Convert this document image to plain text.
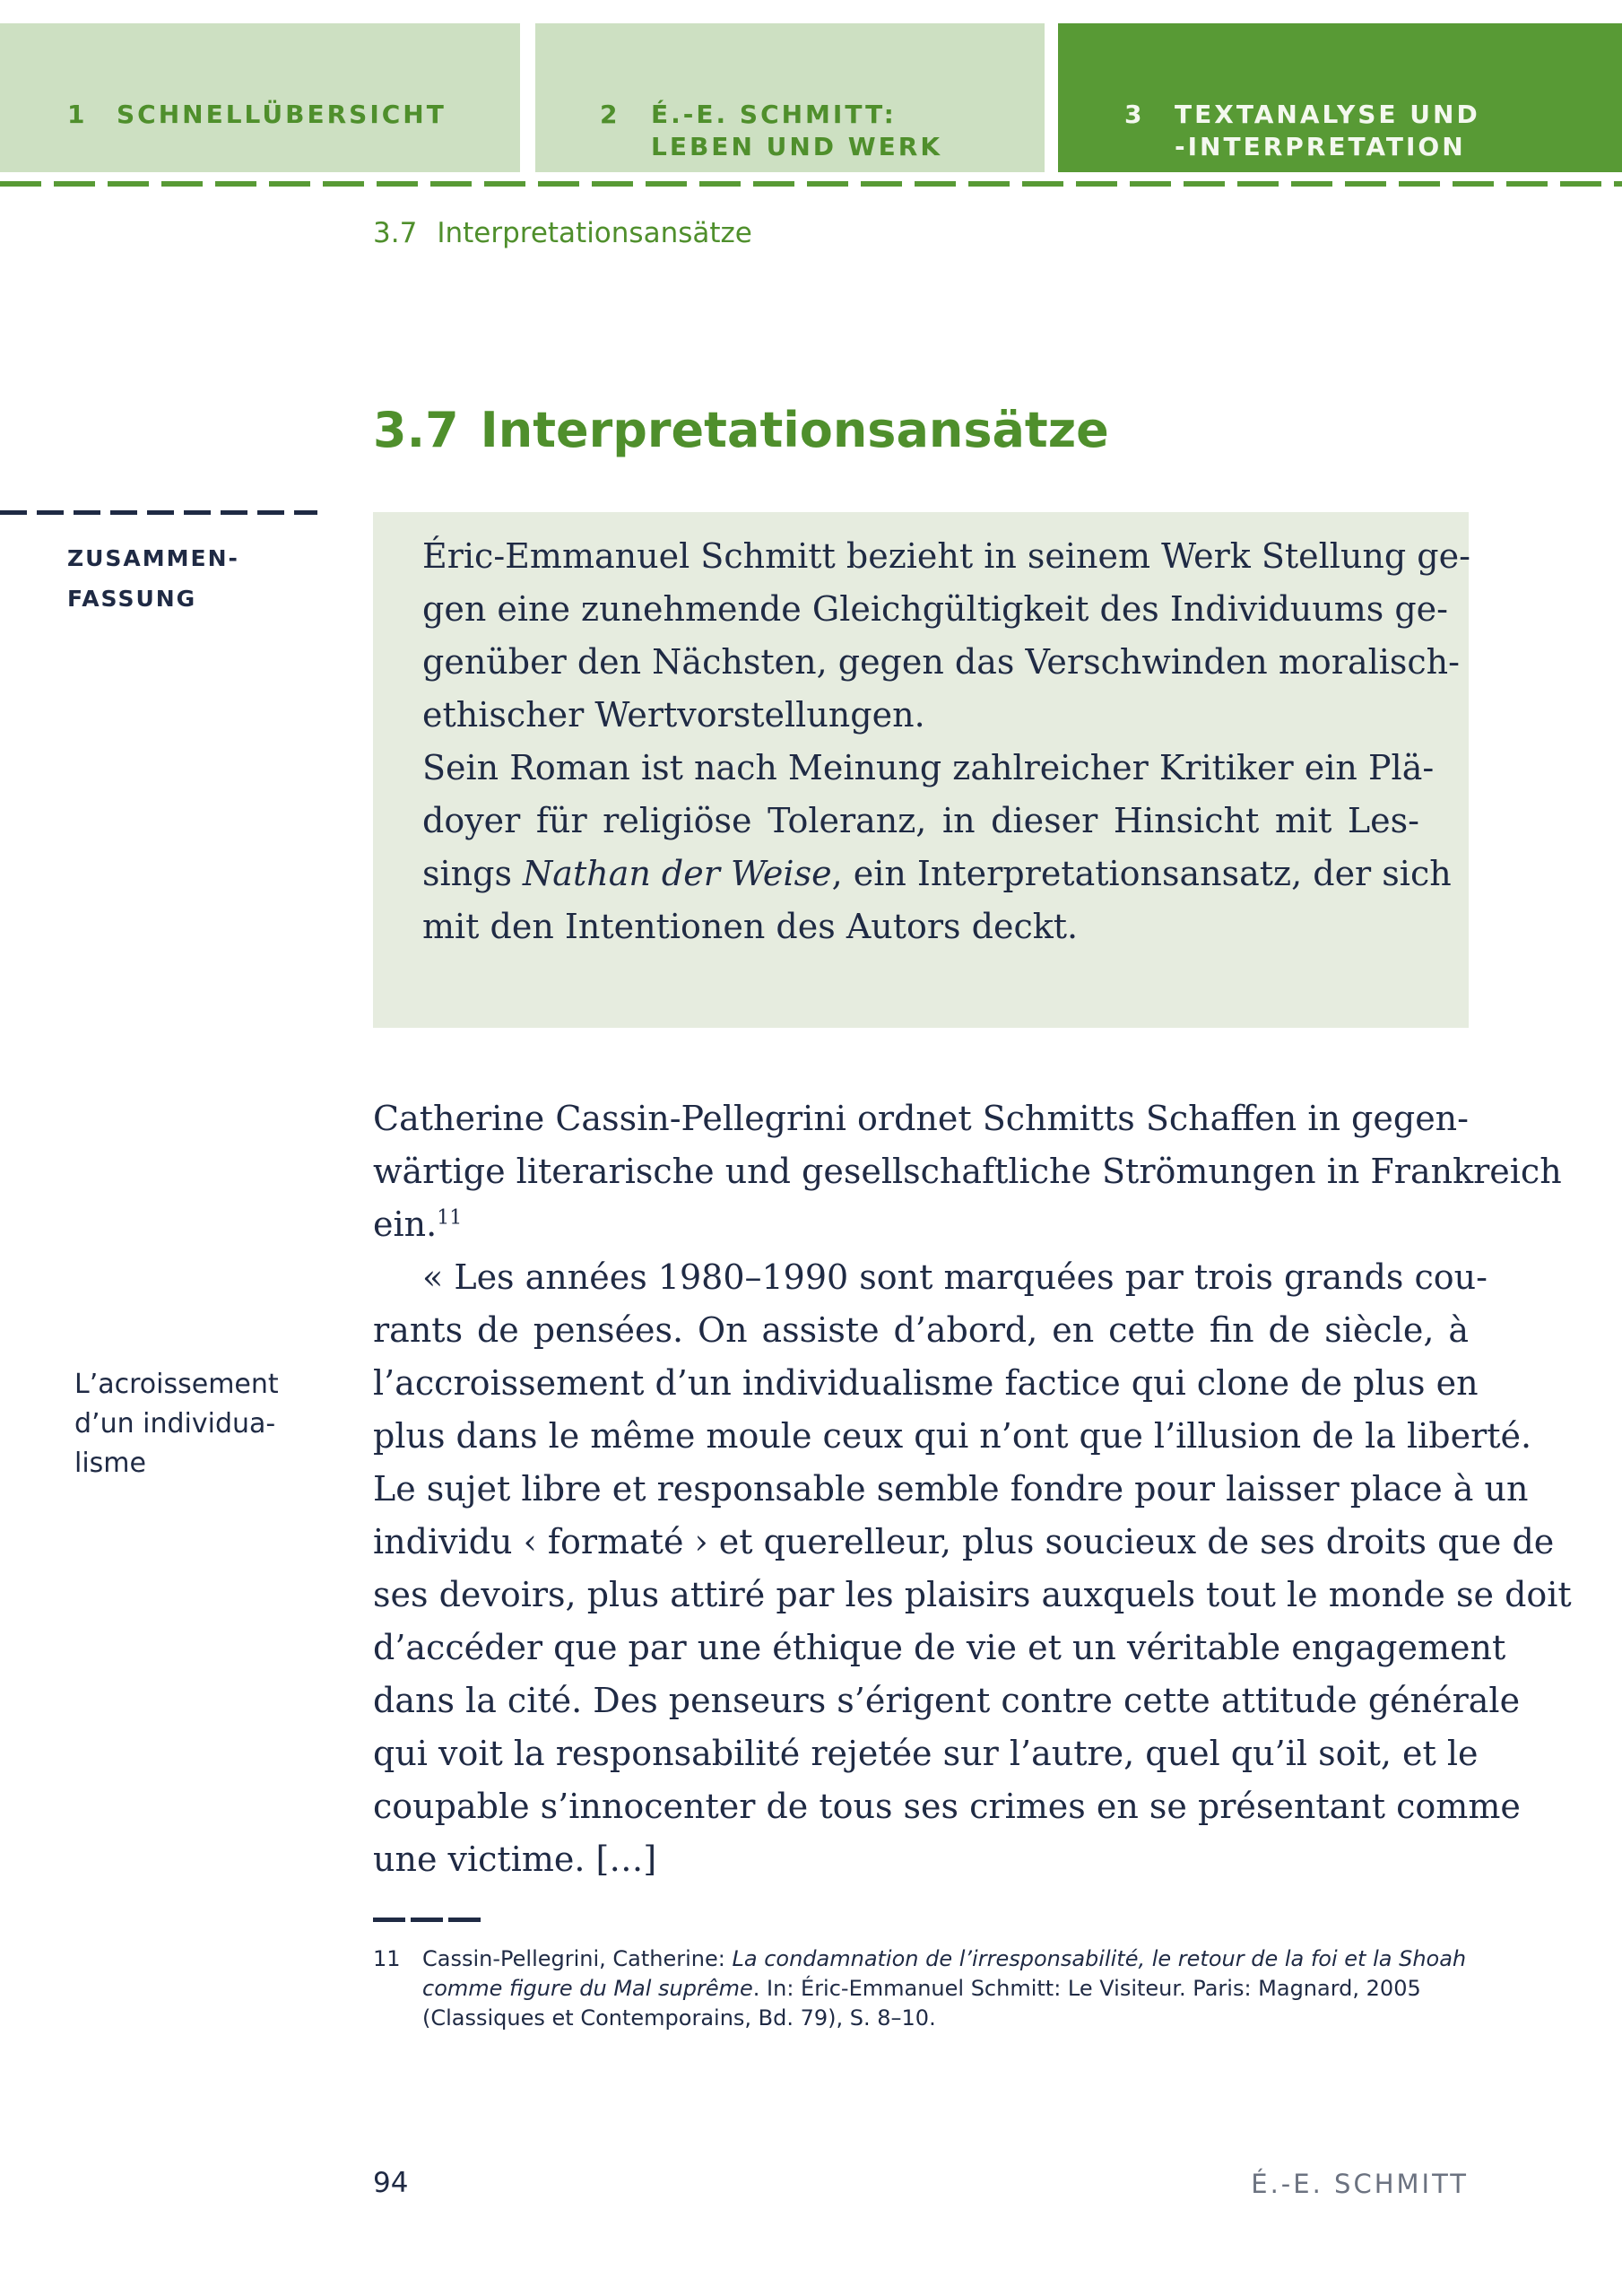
1 SCHNELLÜBERSICHT	2 É.-E. SCHMITT:
LEBEN UND WERK
3 TEXTANALYSE UND
-INTERPRETATION
3.7 Interpretationsansätze
3.7 Interpretationsansätze
ZUSAMMEN-
FASSUNG
Éric-Emmanuel Schmitt bezieht in seinem Werk Stellung ge-
gen eine zunehmende Gleichgültigkeit des Individuums ge-
genüber den Nächsten, gegen das Verschwinden moralisch-
ethischer Wertvorstellungen.
Sein Roman ist nach Meinung zahlreicher Kritiker ein Plä-
doyer für religiöse Toleranz, in dieser Hinsicht mit Les-
sings Nathan der Weise, ein Interpretationsansatz, der sich
mit den Intentionen des Autors deckt.
Catherine Cassin-Pellegrini ordnet Schmitts Schaffen in gegen-
wärtige literarische und gesellschaftliche Strömungen in Frankreich
ein.$^{11}$
« Les années 1980–1990 sont marquées par trois grands cou-
rants de pensées. On assiste d’abord, en cette fin de siècle, à
l’accroissement d’un individualisme factice qui clone de plus en
plus dans le même moule ceux qui n’ont que l’illusion de la liberté.
Le sujet libre et responsable semble fondre pour laisser place à un
individu ‹ formaté › et querelleur, plus soucieux de ses droits que de
ses devoirs, plus attiré par les plaisirs auxquels tout le monde se doit
d’accéder que par une éthique de vie et un véritable engagement
dans la cité. Des penseurs s’érigent contre cette attitude générale
qui voit la responsabilité rejetée sur l’autre, quel qu’il soit, et le
coupable s’innocenter de tous ses crimes en se présentant comme
une victime. […]
L’acroissement
d’un individua-
lisme
11 Cassin-Pellegrini, Catherine: La condamnation de l’irresponsabilité, le retour de la foi et la Shoah comme figure du Mal suprême. In: Éric-Emmanuel Schmitt: Le Visiteur. Paris: Magnard, 2005 (Classiques et Contemporains, Bd. 79), S. 8–10.
94	É.-E. SCHMITT
